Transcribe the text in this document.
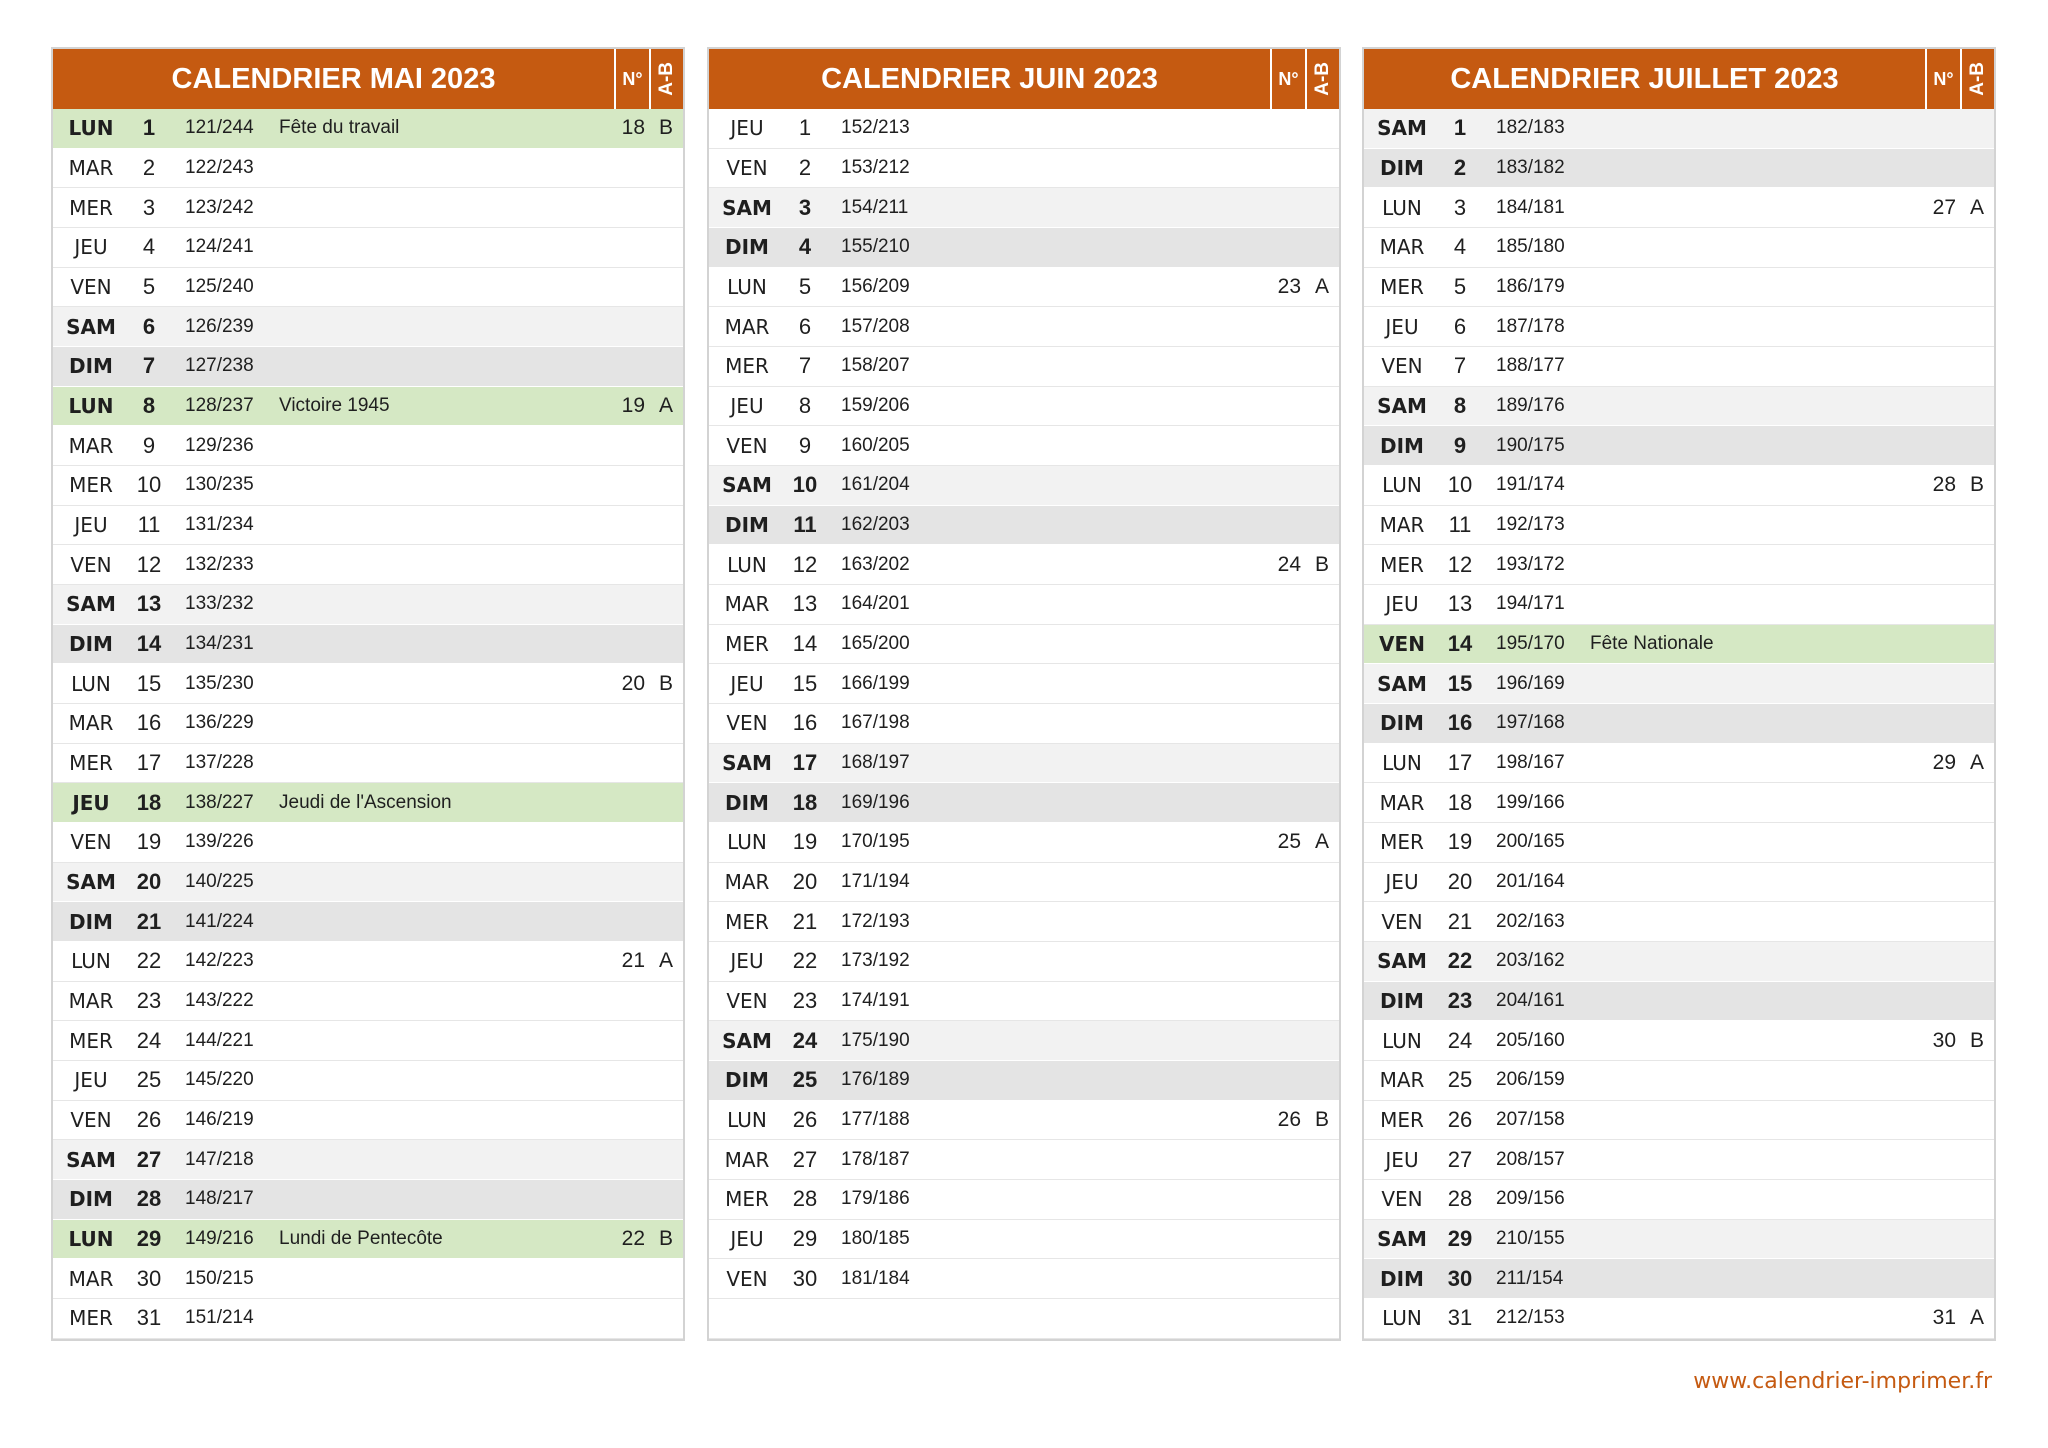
CALENDRIER MAI 2023	N° A-B
LUN	1	121/244 Fête du travail	18 B
MAR	2	122/243
MER	3	123/242
JEU	4	124/241
VEN	5	125/240
SAM	6	126/239
DIM	7	127/238
LUN	8	128/237 Victoire 1945	19 A
MAR	9	129/236
MER	10	130/235
JEU	11	131/234
VEN	12	132/233
SAM 13	133/232
DIM	14	134/231
LUN	15	135/230	20 B
MAR	16	136/229
MER	17	137/228
JEU	18	138/227 Jeudi de l'Ascension
VEN	19	139/226
SAM 20	140/225
DIM	21	141/224
LUN	22	142/223	21 A
MAR	23	143/222
MER	24	144/221
JEU	25	145/220
VEN	26	146/219
SAM 27	147/218
DIM	28	148/217
LUN	29	149/216 Lundi de Pentecôte	22 B
MAR	30	150/215
MER	31	151/214
CALENDRIER JUIN 2023	N° A-B
JEU	1	152/213
VEN	2	153/212
SAM	3	154/211
DIM	4	155/210
LUN	5	156/209	23 A
MAR	6	157/208
MER	7	158/207
JEU	8	159/206
VEN	9	160/205
SAM 10	161/204
DIM	11	162/203
LUN	12	163/202	24 B
MAR	13	164/201
MER	14	165/200
JEU	15	166/199
VEN	16	167/198
SAM 17	168/197
DIM	18	169/196
LUN	19	170/195	25 A
MAR	20	171/194
MER	21	172/193
JEU	22	173/192
VEN	23	174/191
SAM 24	175/190
DIM	25	176/189
LUN	26	177/188	26 B
MAR	27	178/187
MER	28	179/186
JEU	29	180/185
VEN	30	181/184
CALENDRIER JUILLET 2023	N° A-B
SAM	1	182/183
DIM	2	183/182
LUN	3	184/181	27 A
MAR	4	185/180
MER	5	186/179
JEU	6	187/178
VEN	7	188/177
SAM	8	189/176
DIM	9	190/175
LUN	10	191/174	28 B
MAR	11	192/173
MER	12	193/172
JEU	13	194/171
VEN	14	195/170 Fête Nationale
SAM 15	196/169
DIM	16	197/168
LUN	17	198/167	29 A
MAR	18	199/166
MER	19	200/165
JEU	20	201/164
VEN	21	202/163
SAM 22	203/162
DIM	23	204/161
LUN	24	205/160	30 B
MAR	25	206/159
MER	26	207/158
JEU	27	208/157
VEN	28	209/156
SAM 29	210/155
DIM	30	211/154
LUN	31	212/153	31 A
www.calendrier-imprimer.fr
